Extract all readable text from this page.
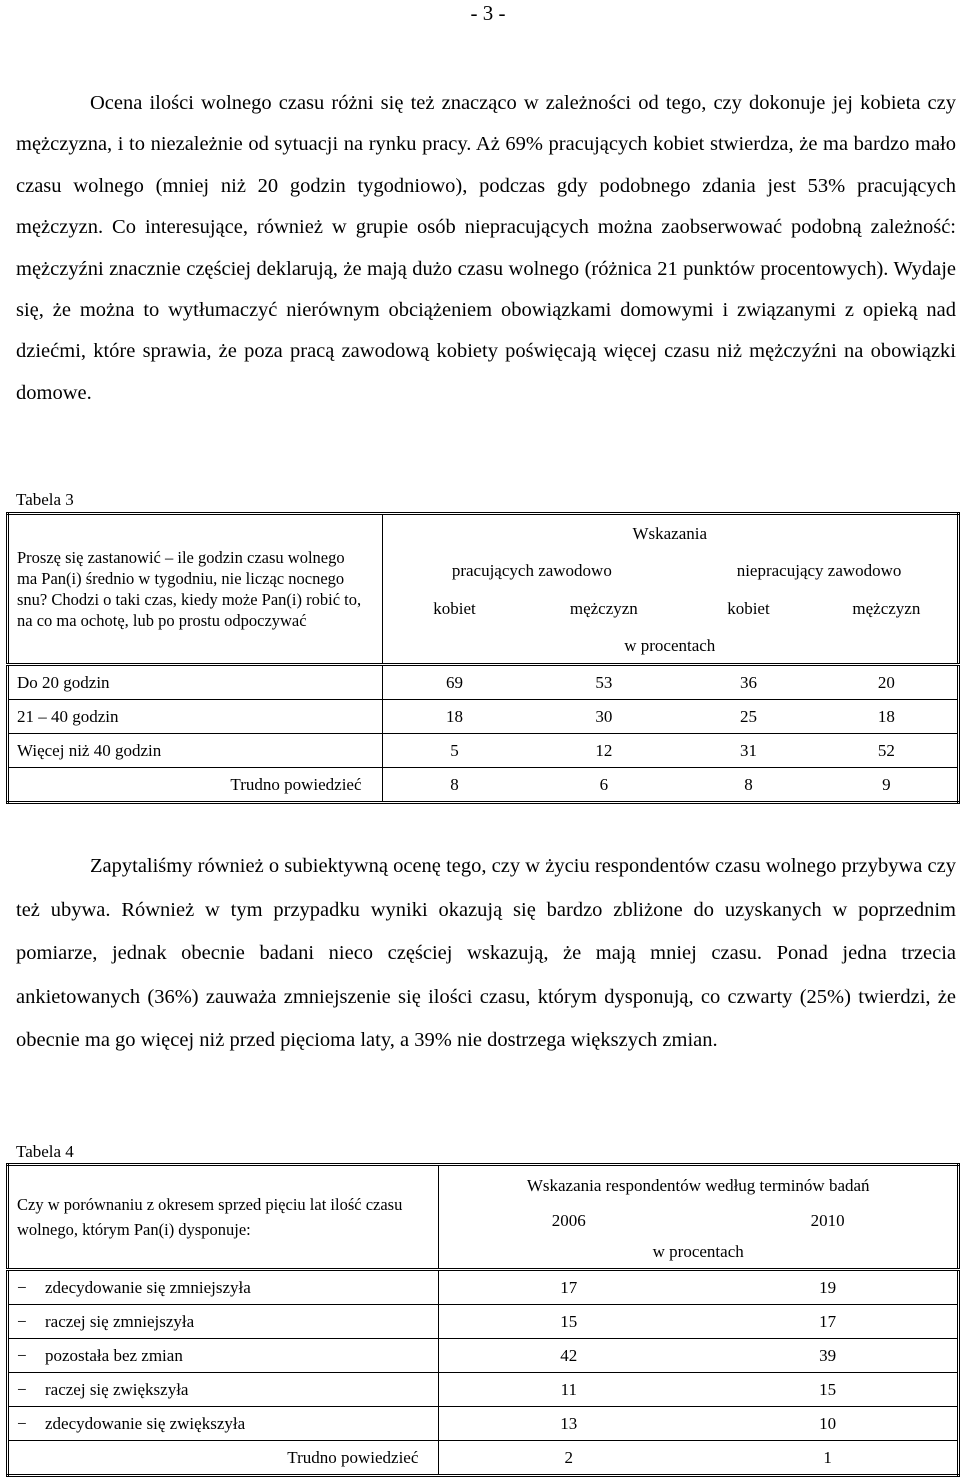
- 3 -

Ocena ilości wolnego czasu różni się też znacząco w zależności od tego, czy dokonuje jej kobieta czy mężczyzna, i to niezależnie od sytuacji na rynku pracy. Aż 69% pracujących kobiet stwierdza, że ma bardzo mało czasu wolnego (mniej niż 20 godzin tygodniowo), podczas gdy podobnego zdania jest 53% pracujących mężczyzn. Co interesujące, również w grupie osób niepracujących można zaobserwować podobną zależność: mężczyźni znacznie częściej deklarują, że mają dużo czasu wolnego (różnica 21 punktów procentowych). Wydaje się, że można to wytłumaczyć nierównym obciążeniem obowiązkami domowymi i związanymi z opieką nad dziećmi, które sprawia, że poza pracą zawodową kobiety poświęcają więcej czasu niż mężczyźni na obowiązki domowe.

Tabela 3
Proszę się zastanowić – ile godzin czasu wolnego ma Pan(i) średnio w tygodniu, nie licząc nocnego snu? Chodzi o taki czas, kiedy może Pan(i) robić to, na co ma ochotę, lub po prostu odpoczywać	Wskazania			
	pracujących zawodowo		niepracujący zawodowo	
	kobiet	mężczyzn	kobiet	mężczyzn
	w procentach			
Do 20 godzin	69	53	36	20
21 – 40 godzin	18	30	25	18
Więcej niż 40 godzin	5	12	31	52
Trudno powiedzieć	8	6	8	9

Zapytaliśmy również o subiektywną ocenę tego, czy w życiu respondentów czasu wolnego przybywa czy też ubywa. Również w tym przypadku wyniki okazują się bardzo zbliżone do uzyskanych w poprzednim pomiarze, jednak obecnie badani nieco częściej wskazują, że mają mniej czasu. Ponad jedna trzecia ankietowanych (36%) zauważa zmniejszenie się ilości czasu, którym dysponują, co czwarty (25%) twierdzi, że obecnie ma go więcej niż przed pięcioma laty, a 39% nie dostrzega większych zmian.

Tabela 4
Czy w porównaniu z okresem sprzed pięciu lat ilość czasu wolnego, którym Pan(i) dysponuje:	Wskazania respondentów według terminów badań	
	2006	2010
	w procentach	
− zdecydowanie się zmniejszyła	17	19
− raczej się zmniejszyła	15	17
− pozostała bez zmian	42	39
− raczej się zwiększyła	11	15
− zdecydowanie się zwiększyła	13	10
Trudno powiedzieć	2	1
